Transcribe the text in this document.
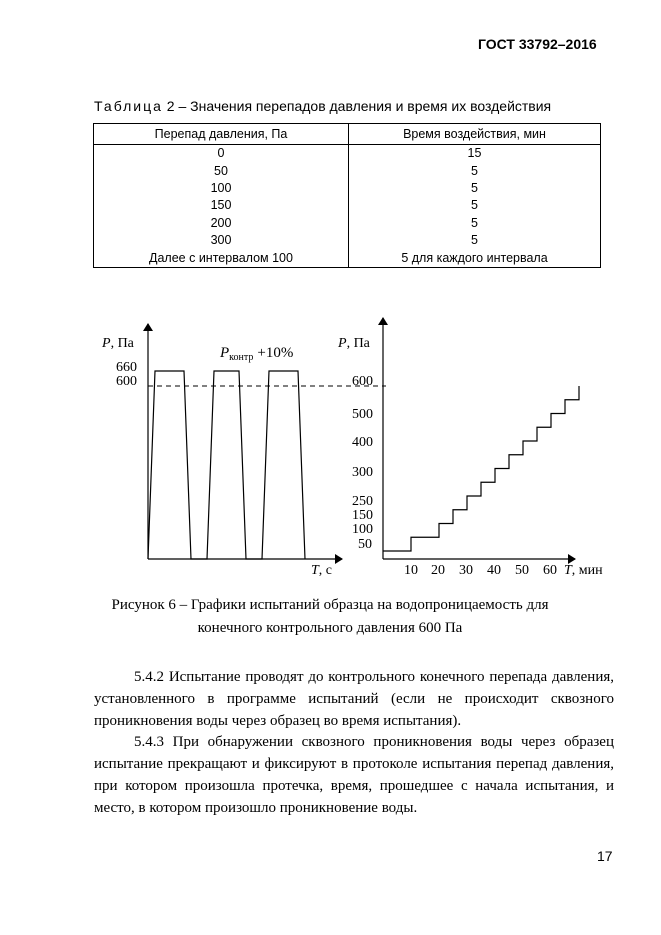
ГОСТ 33792–2016
Таблица 2 – Значения перепадов давления и время их воздействия
Перепад давления, Па	Время воздействия, мин
0	15
50	5
100	5
150	5
200	5
300	5
Далее с интервалом 100	5 для каждого интервала
P, Па
660
600
$P_{контр} +10\%$
T, с
P, Па
600
500
400
300
250
150
100
50
10 20 30 40 50 60 T, мин
Рисунок 6 – Графики испытаний образца на водопроницаемость для
конечного контрольного давления 600 Па
5.4.2 Испытание проводят до контрольного конечного перепада давления, установленного в программе испытаний (если не происходит сквозного проникновения воды через образец во время испытания).
5.4.3 При обнаружении сквозного проникновения воды через образец испытание прекращают и фиксируют в протоколе испытания перепад давления, при котором произошла протечка, время, прошедшее с начала испытания, и место, в котором произошло проникновение воды.
17
